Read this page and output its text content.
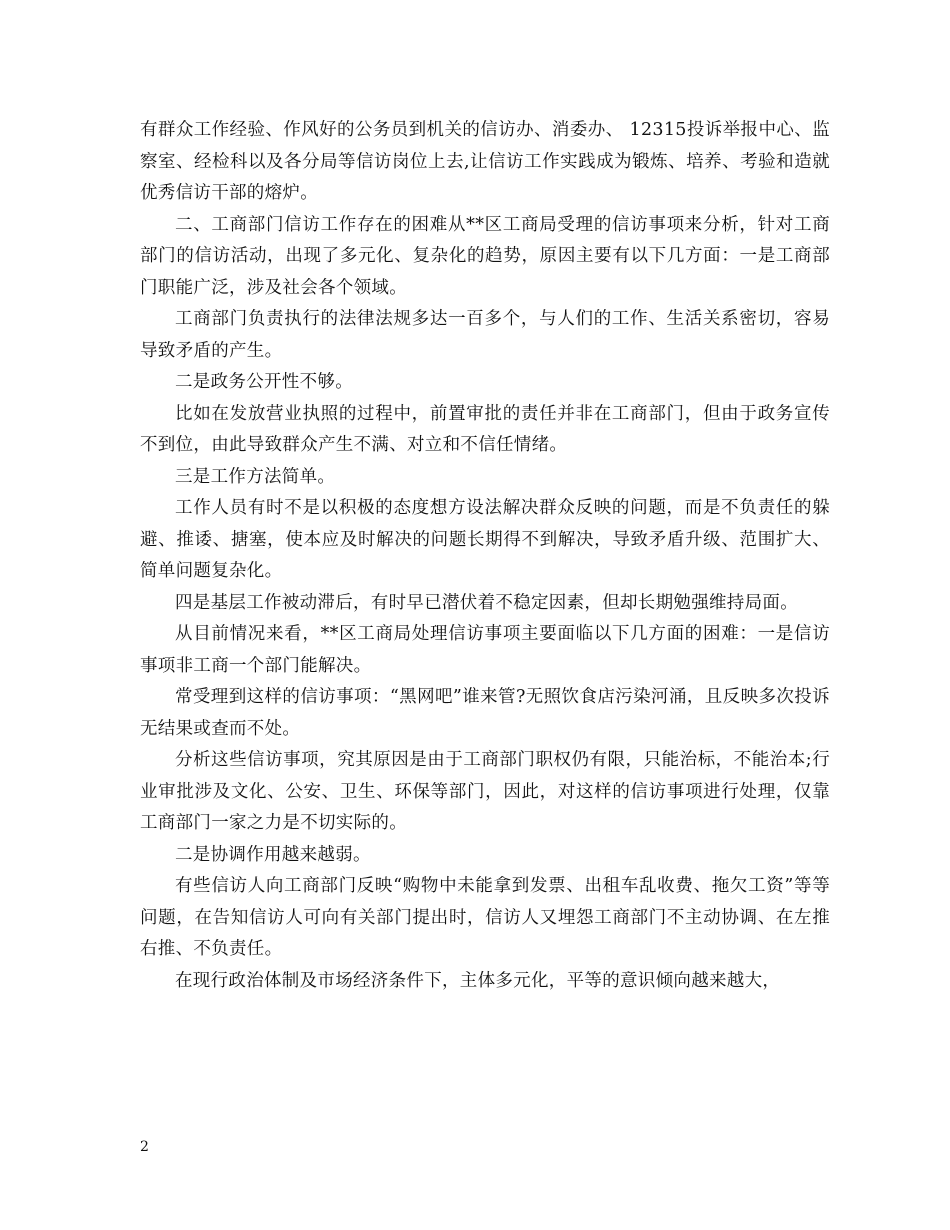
有群众工作经验、作风好的公务员到机关的信访办、消委办、 12315投诉举报中心、监察室、经检科以及各分局等信访岗位上去,让信访工作实践成为锻炼、培养、考验和造就优秀信访干部的熔炉。

二、工商部门信访工作存在的困难从**区工商局受理的信访事项来分析，针对工商部门的信访活动，出现了多元化、复杂化的趋势，原因主要有以下几方面：一是工商部门职能广泛，涉及社会各个领域。

工商部门负责执行的法律法规多达一百多个，与人们的工作、生活关系密切，容易导致矛盾的产生。

二是政务公开性不够。

比如在发放营业执照的过程中，前置审批的责任并非在工商部门，但由于政务宣传不到位，由此导致群众产生不满、对立和不信任情绪。

三是工作方法简单。

工作人员有时不是以积极的态度想方设法解决群众反映的问题，而是不负责任的躲避、推诿、搪塞，使本应及时解决的问题长期得不到解决，导致矛盾升级、范围扩大、简单问题复杂化。

四是基层工作被动滞后，有时早已潜伏着不稳定因素，但却长期勉强维持局面。

从目前情况来看，**区工商局处理信访事项主要面临以下几方面的困难：一是信访事项非工商一个部门能解决。

常受理到这样的信访事项：“黑网吧”谁来管?无照饮食店污染河涌，且反映多次投诉无结果或查而不处。

分析这些信访事项，究其原因是由于工商部门职权仍有限，只能治标，不能治本;行业审批涉及文化、公安、卫生、环保等部门，因此，对这样的信访事项进行处理，仅靠工商部门一家之力是不切实际的。

二是协调作用越来越弱。

有些信访人向工商部门反映“购物中未能拿到发票、出租车乱收费、拖欠工资”等等问题，在告知信访人可向有关部门提出时，信访人又埋怨工商部门不主动协调、在左推右推、不负责任。

在现行政治体制及市场经济条件下，主体多元化，平等的意识倾向越来越大，

2
